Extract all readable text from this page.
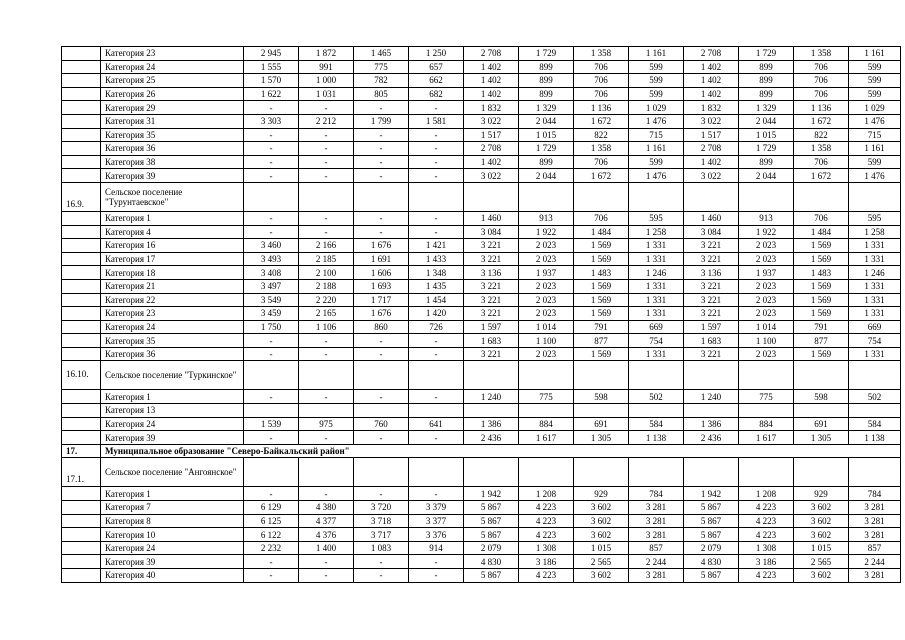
	Категория 23	2 945	1 872	1 465	1 250	2 708	1 729	1 358	1 161	2 708	1 729	1 358	1 161
	Категория 24	1 555	991	775	657	1 402	899	706	599	1 402	899	706	599
	Категория 25	1 570	1 000	782	662	1 402	899	706	599	1 402	899	706	599
	Категория 26	1 622	1 031	805	682	1 402	899	706	599	1 402	899	706	599
	Категория 29	-	-	-	-	1 832	1 329	1 136	1 029	1 832	1 329	1 136	1 029
	Категория 31	3 303	2 212	1 799	1 581	3 022	2 044	1 672	1 476	3 022	2 044	1 672	1 476
	Категория 35	-	-	-	-	1 517	1 015	822	715	1 517	1 015	822	715
	Категория 36	-	-	-	-	2 708	1 729	1 358	1 161	2 708	1 729	1 358	1 161
	Категория 38	-	-	-	-	1 402	899	706	599	1 402	899	706	599
	Категория 39	-	-	-	-	3 022	2 044	1 672	1 476	3 022	2 044	1 672	1 476
16.9.	Сельское поселение "Турунтаевское"												
	Категория 1	-	-	-	-	1 460	913	706	595	1 460	913	706	595
	Категория 4	-	-	-	-	3 084	1 922	1 484	1 258	3 084	1 922	1 484	1 258
	Категория 16	3 460	2 166	1 676	1 421	3 221	2 023	1 569	1 331	3 221	2 023	1 569	1 331
	Категория 17	3 493	2 185	1 691	1 433	3 221	2 023	1 569	1 331	3 221	2 023	1 569	1 331
	Категория 18	3 408	2 100	1 606	1 348	3 136	1 937	1 483	1 246	3 136	1 937	1 483	1 246
	Категория 21	3 497	2 188	1 693	1 435	3 221	2 023	1 569	1 331	3 221	2 023	1 569	1 331
	Категория 22	3 549	2 220	1 717	1 454	3 221	2 023	1 569	1 331	3 221	2 023	1 569	1 331
	Категория 23	3 459	2 165	1 676	1 420	3 221	2 023	1 569	1 331	3 221	2 023	1 569	1 331
	Категория 24	1 750	1 106	860	726	1 597	1 014	791	669	1 597	1 014	791	669
	Категория 35	-	-	-	-	1 683	1 100	877	754	1 683	1 100	877	754
	Категория 36	-	-	-	-	3 221	2 023	1 569	1 331	3 221	2 023	1 569	1 331
16.10.	Сельское поселение "Туркинское"												
	Категория 1	-	-	-	-	1 240	775	598	502	1 240	775	598	502
	Категория 13												
	Категория 24	1 539	975	760	641	1 386	884	691	584	1 386	884	691	584
	Категория 39	-	-	-	-	2 436	1 617	1 305	1 138	2 436	1 617	1 305	1 138
17.	Муниципальное образование "Северо-Байкальский район"												
17.1.	Сельское поселение "Ангоянское"												
	Категория 1	-	-	-	-	1 942	1 208	929	784	1 942	1 208	929	784
	Категория 7	6 129	4 380	3 720	3 379	5 867	4 223	3 602	3 281	5 867	4 223	3 602	3 281
	Категория 8	6 125	4 377	3 718	3 377	5 867	4 223	3 602	3 281	5 867	4 223	3 602	3 281
	Категория 10	6 122	4 376	3 717	3 376	5 867	4 223	3 602	3 281	5 867	4 223	3 602	3 281
	Категория 24	2 232	1 400	1 083	914	2 079	1 308	1 015	857	2 079	1 308	1 015	857
	Категория 39	-	-	-	-	4 830	3 186	2 565	2 244	4 830	3 186	2 565	2 244
	Категория 40	-	-	-	-	5 867	4 223	3 602	3 281	5 867	4 223	3 602	3 281
